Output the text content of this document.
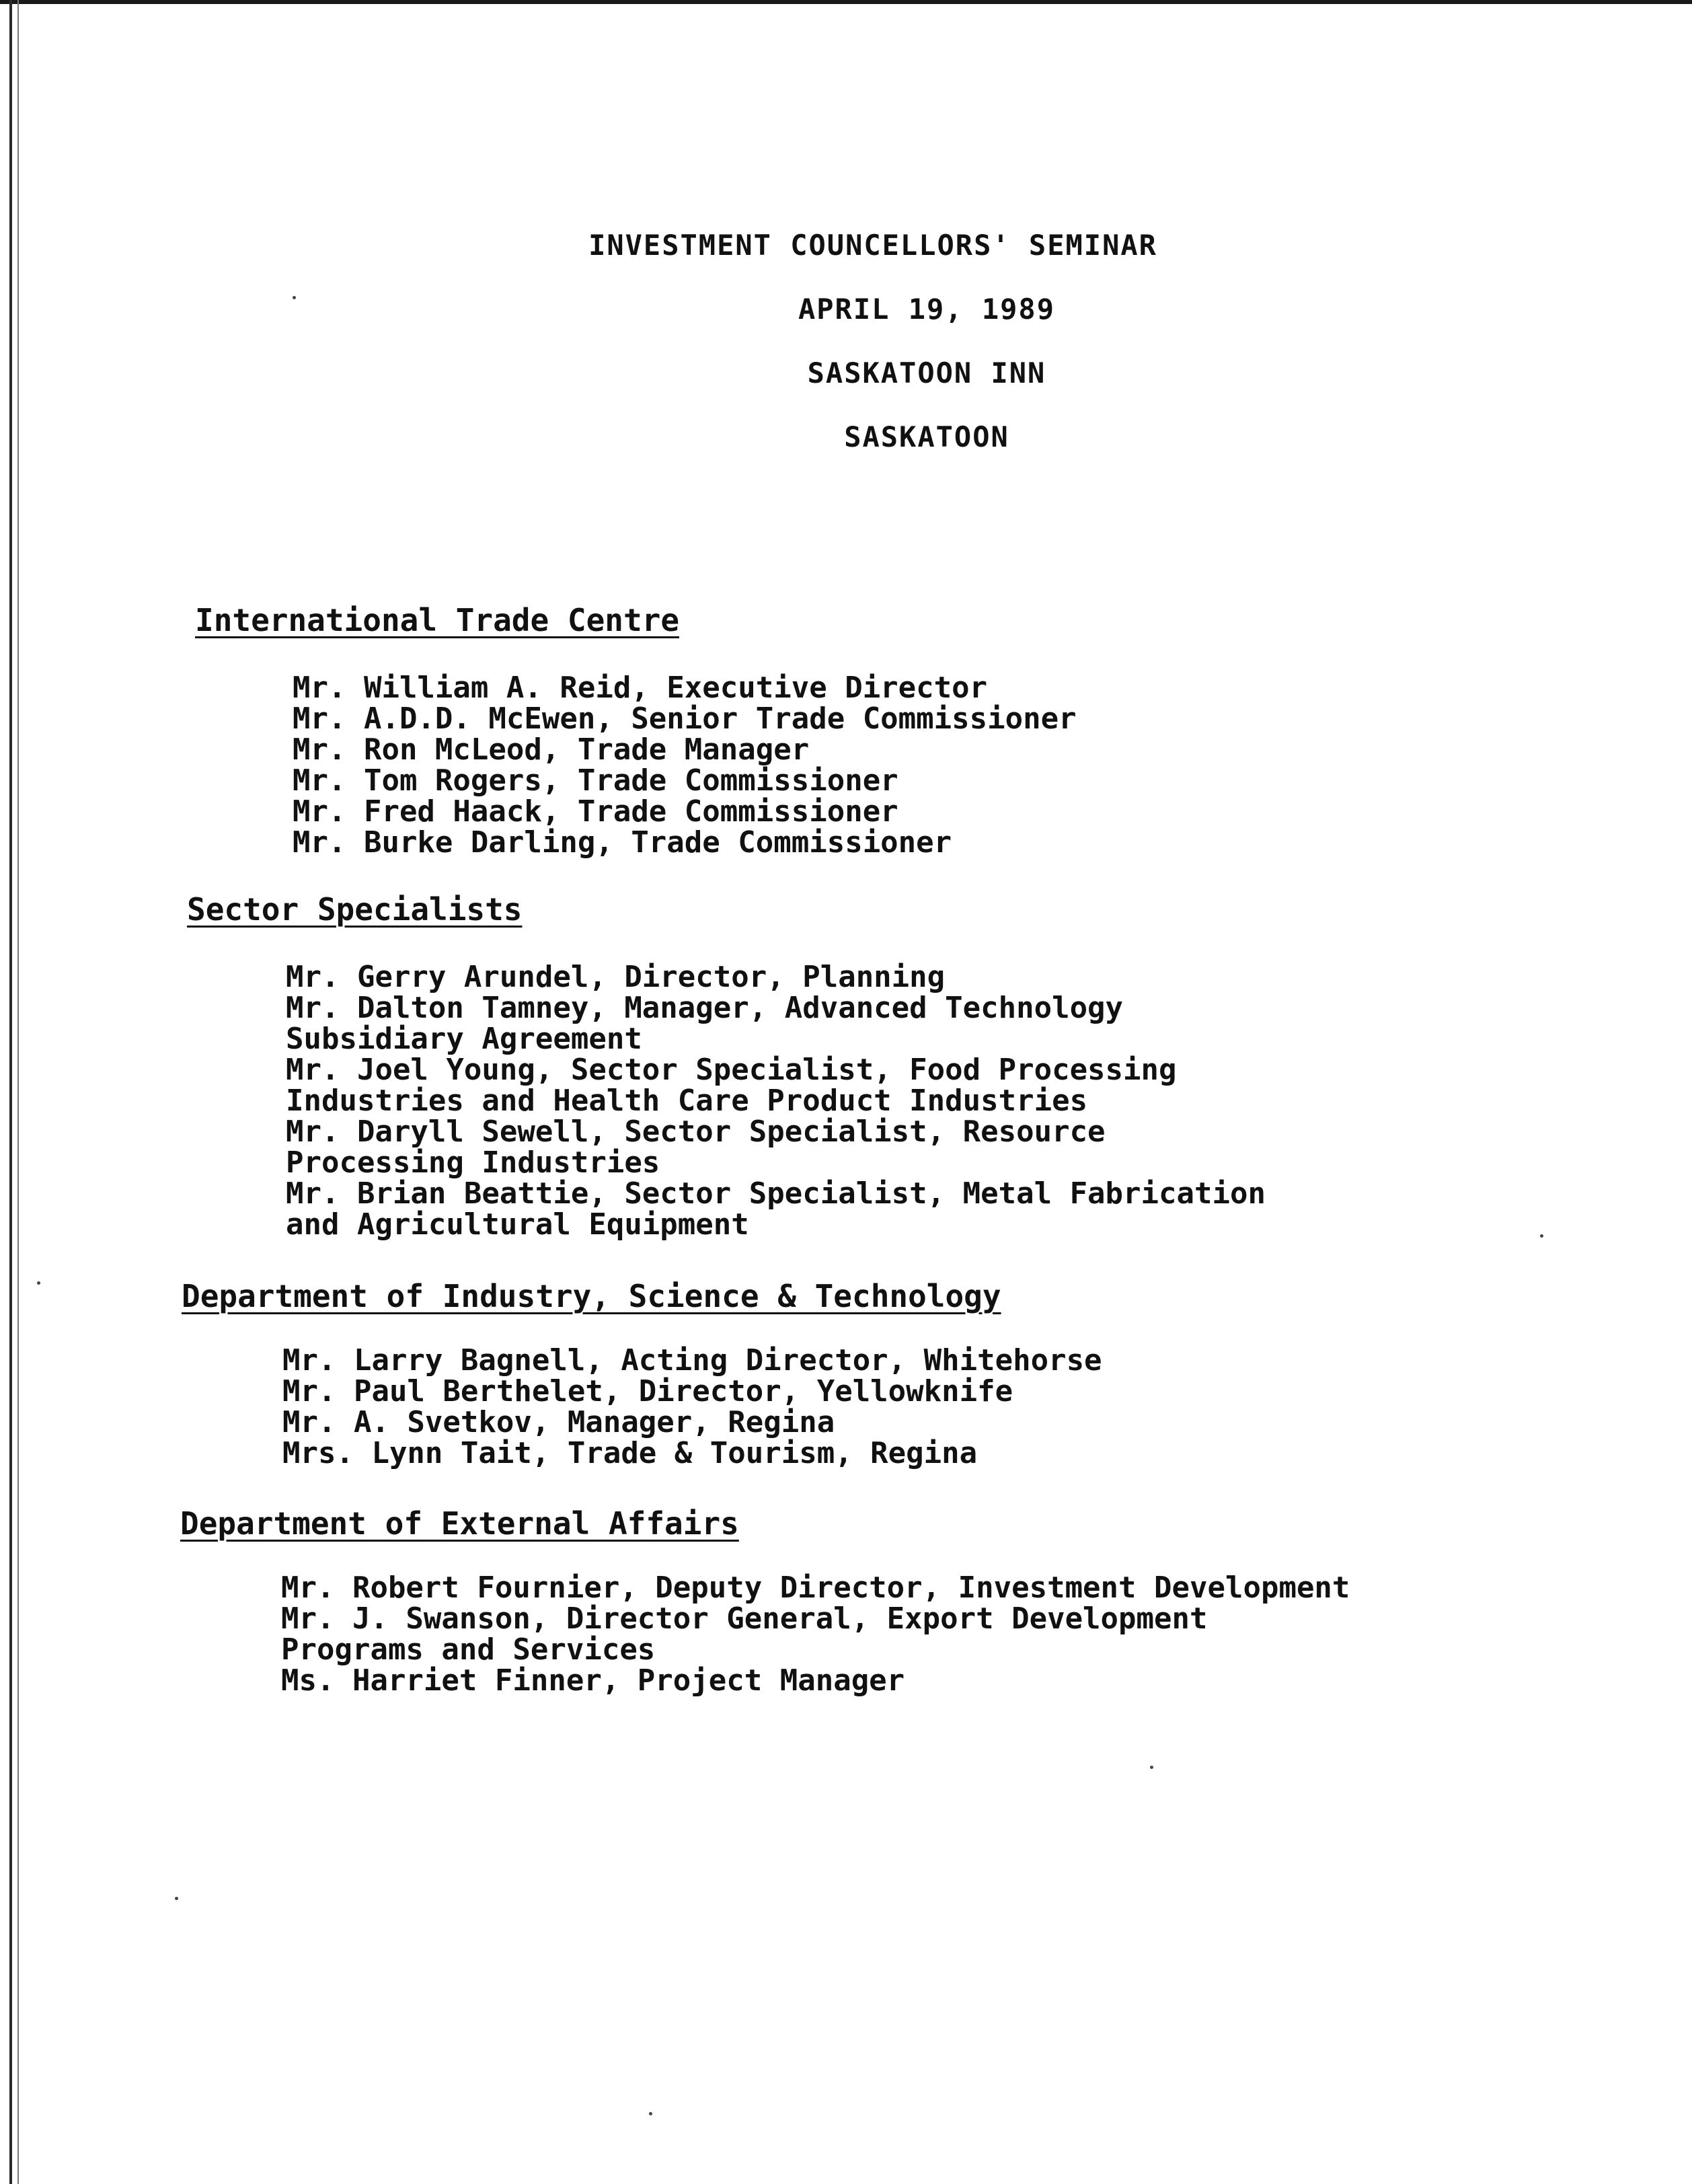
INVESTMENT COUNCELLORS' SEMINAR
APRIL 19, 1989
SASKATOON INN
SASKATOON
International Trade Centre
Mr. William A. Reid, Executive Director
Mr. A.D.D. McEwen, Senior Trade Commissioner
Mr. Ron McLeod, Trade Manager
Mr. Tom Rogers, Trade Commissioner
Mr. Fred Haack, Trade Commissioner
Mr. Burke Darling, Trade Commissioner
Sector Specialists
Mr. Gerry Arundel, Director, Planning
Mr. Dalton Tamney, Manager, Advanced Technology
Subsidiary Agreement
Mr. Joel Young, Sector Specialist, Food Processing
Industries and Health Care Product Industries
Mr. Daryll Sewell, Sector Specialist, Resource
Processing Industries
Mr. Brian Beattie, Sector Specialist, Metal Fabrication
and Agricultural Equipment
Department of Industry, Science & Technology
Mr. Larry Bagnell, Acting Director, Whitehorse
Mr. Paul Berthelet, Director, Yellowknife
Mr. A. Svetkov, Manager, Regina
Mrs. Lynn Tait, Trade & Tourism, Regina
Department of External Affairs
Mr. Robert Fournier, Deputy Director, Investment Development
Mr. J. Swanson, Director General, Export Development
Programs and Services
Ms. Harriet Finner, Project Manager
